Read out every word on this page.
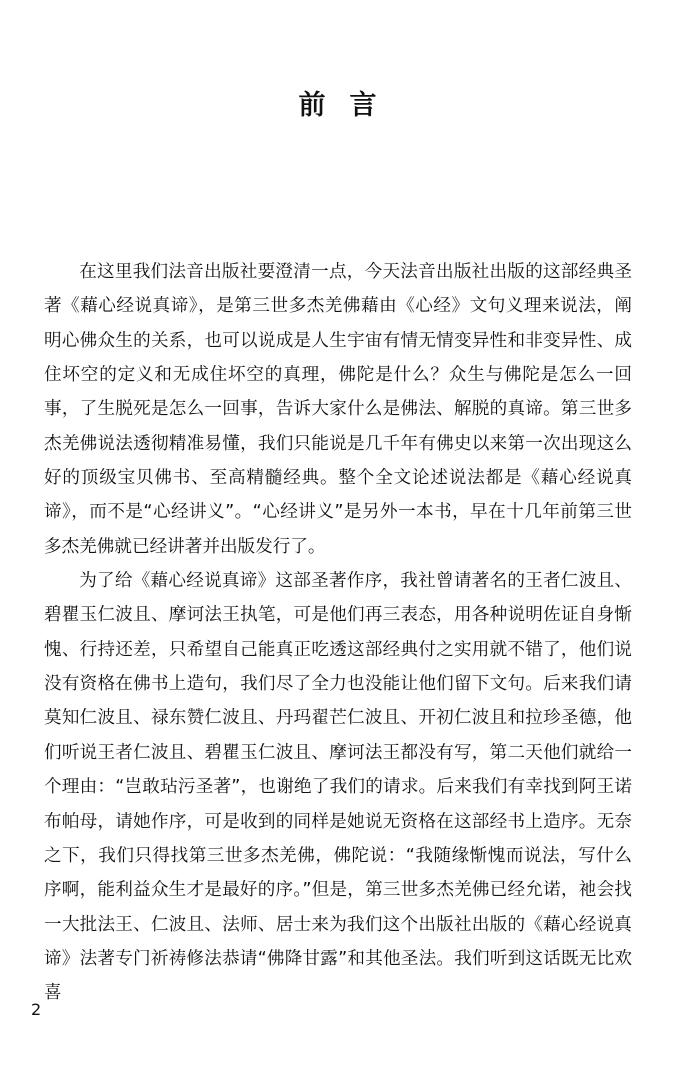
前言

在这里我们法音出版社要澄清一点，今天法音出版社出版的这部经典圣著《藉心经说真谛》，是第三世多杰羌佛藉由《心经》文句义理来说法，阐明心佛众生的关系，也可以说成是人生宇宙有情无情变异性和非变异性、成住坏空的定义和无成住坏空的真理，佛陀是什么？众生与佛陀是怎么一回事，了生脱死是怎么一回事，告诉大家什么是佛法、解脱的真谛。第三世多杰羌佛说法透彻精准易懂，我们只能说是几千年有佛史以来第一次出现这么好的顶级宝贝佛书、至高精髓经典。整个全文论述说法都是《藉心经说真谛》，而不是“心经讲义”。“心经讲义”是另外一本书，早在十几年前第三世多杰羌佛就已经讲著并出版发行了。

为了给《藉心经说真谛》这部圣著作序，我社曾请著名的王者仁波且、碧瞿玉仁波且、摩诃法王执笔，可是他们再三表态，用各种说明佐证自身惭愧、行持还差，只希望自己能真正吃透这部经典付之实用就不错了，他们说没有资格在佛书上造句，我们尽了全力也没能让他们留下文句。后来我们请莫知仁波且、禄东赞仁波且、丹玛翟芒仁波且、开初仁波且和拉珍圣德，他们听说王者仁波且、碧瞿玉仁波且、摩诃法王都没有写，第二天他们就给一个理由：“岂敢玷污圣著”，也谢绝了我们的请求。后来我们有幸找到阿王诺布帕母，请她作序，可是收到的同样是她说无资格在这部经书上造序。无奈之下，我们只得找第三世多杰羌佛，佛陀说：“我随缘惭愧而说法，写什么序啊，能利益众生才是最好的序。”但是，第三世多杰羌佛已经允诺，祂会找一大批法王、仁波且、法师、居士来为我们这个出版社出版的《藉心经说真谛》法著专门祈祷修法恭请“佛降甘露”和其他圣法。我们听到这话既无比欢喜

2
